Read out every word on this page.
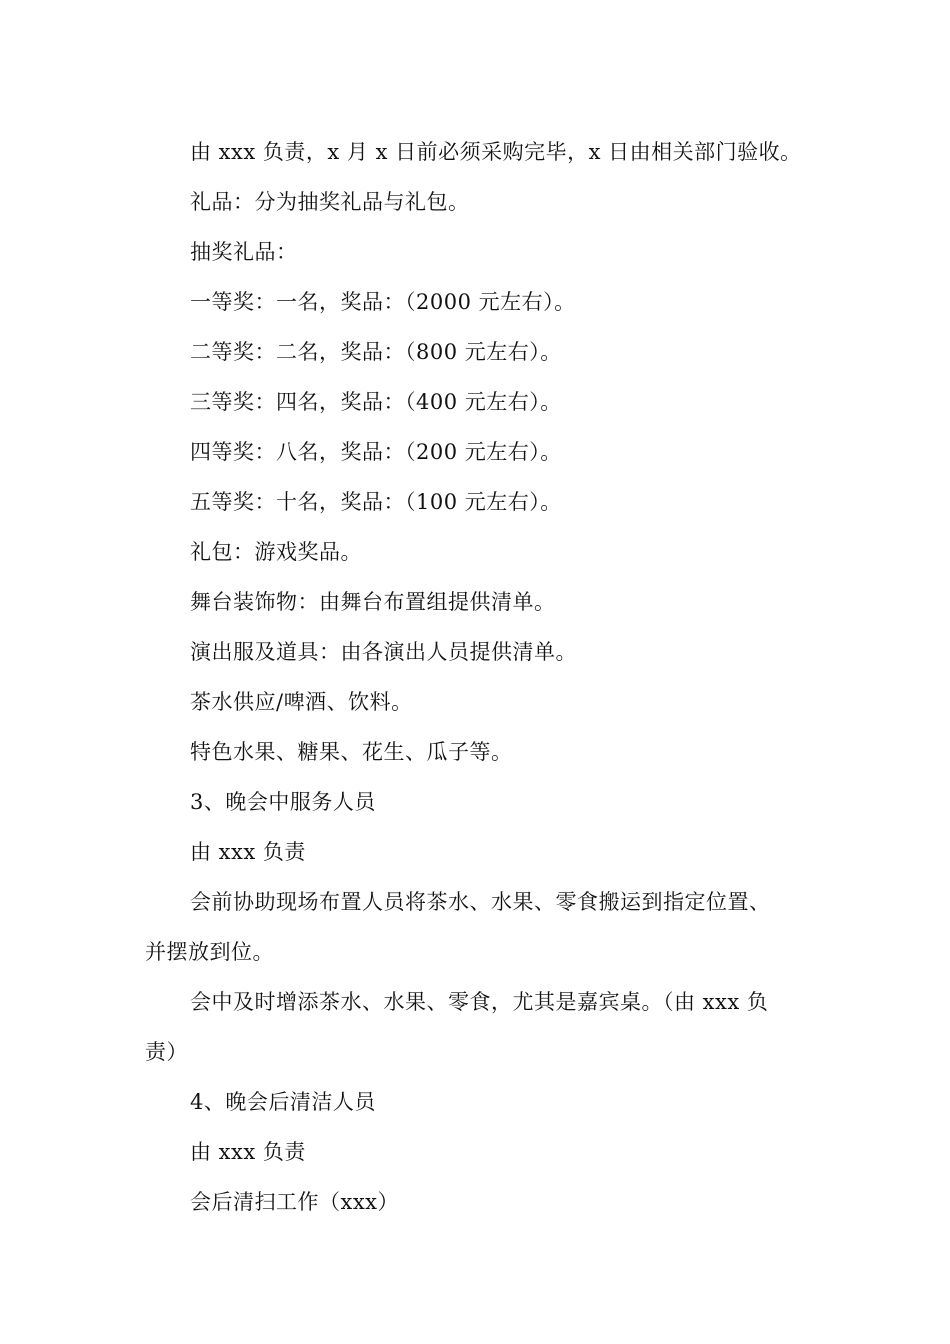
由 xxx 负责，x 月 x 日前必须采购完毕，x 日由相关部门验收。
礼品：分为抽奖礼品与礼包。
抽奖礼品：
一等奖：一名，奖品：（2000 元左右）。
二等奖：二名，奖品：（800 元左右）。
三等奖：四名，奖品：（400 元左右）。
四等奖：八名，奖品：（200 元左右）。
五等奖：十名，奖品：（100 元左右）。
礼包：游戏奖品。
舞台装饰物：由舞台布置组提供清单。
演出服及道具：由各演出人员提供清单。
茶水供应/啤酒、饮料。
特色水果、糖果、花生、瓜子等。
3、晚会中服务人员
由 xxx 负责
会前协助现场布置人员将茶水、水果、零食搬运到指定位置、
并摆放到位。
会中及时增添茶水、水果、零食，尤其是嘉宾桌。（由 xxx 负
责）
4、晚会后清洁人员
由 xxx 负责
会后清扫工作（xxx）
